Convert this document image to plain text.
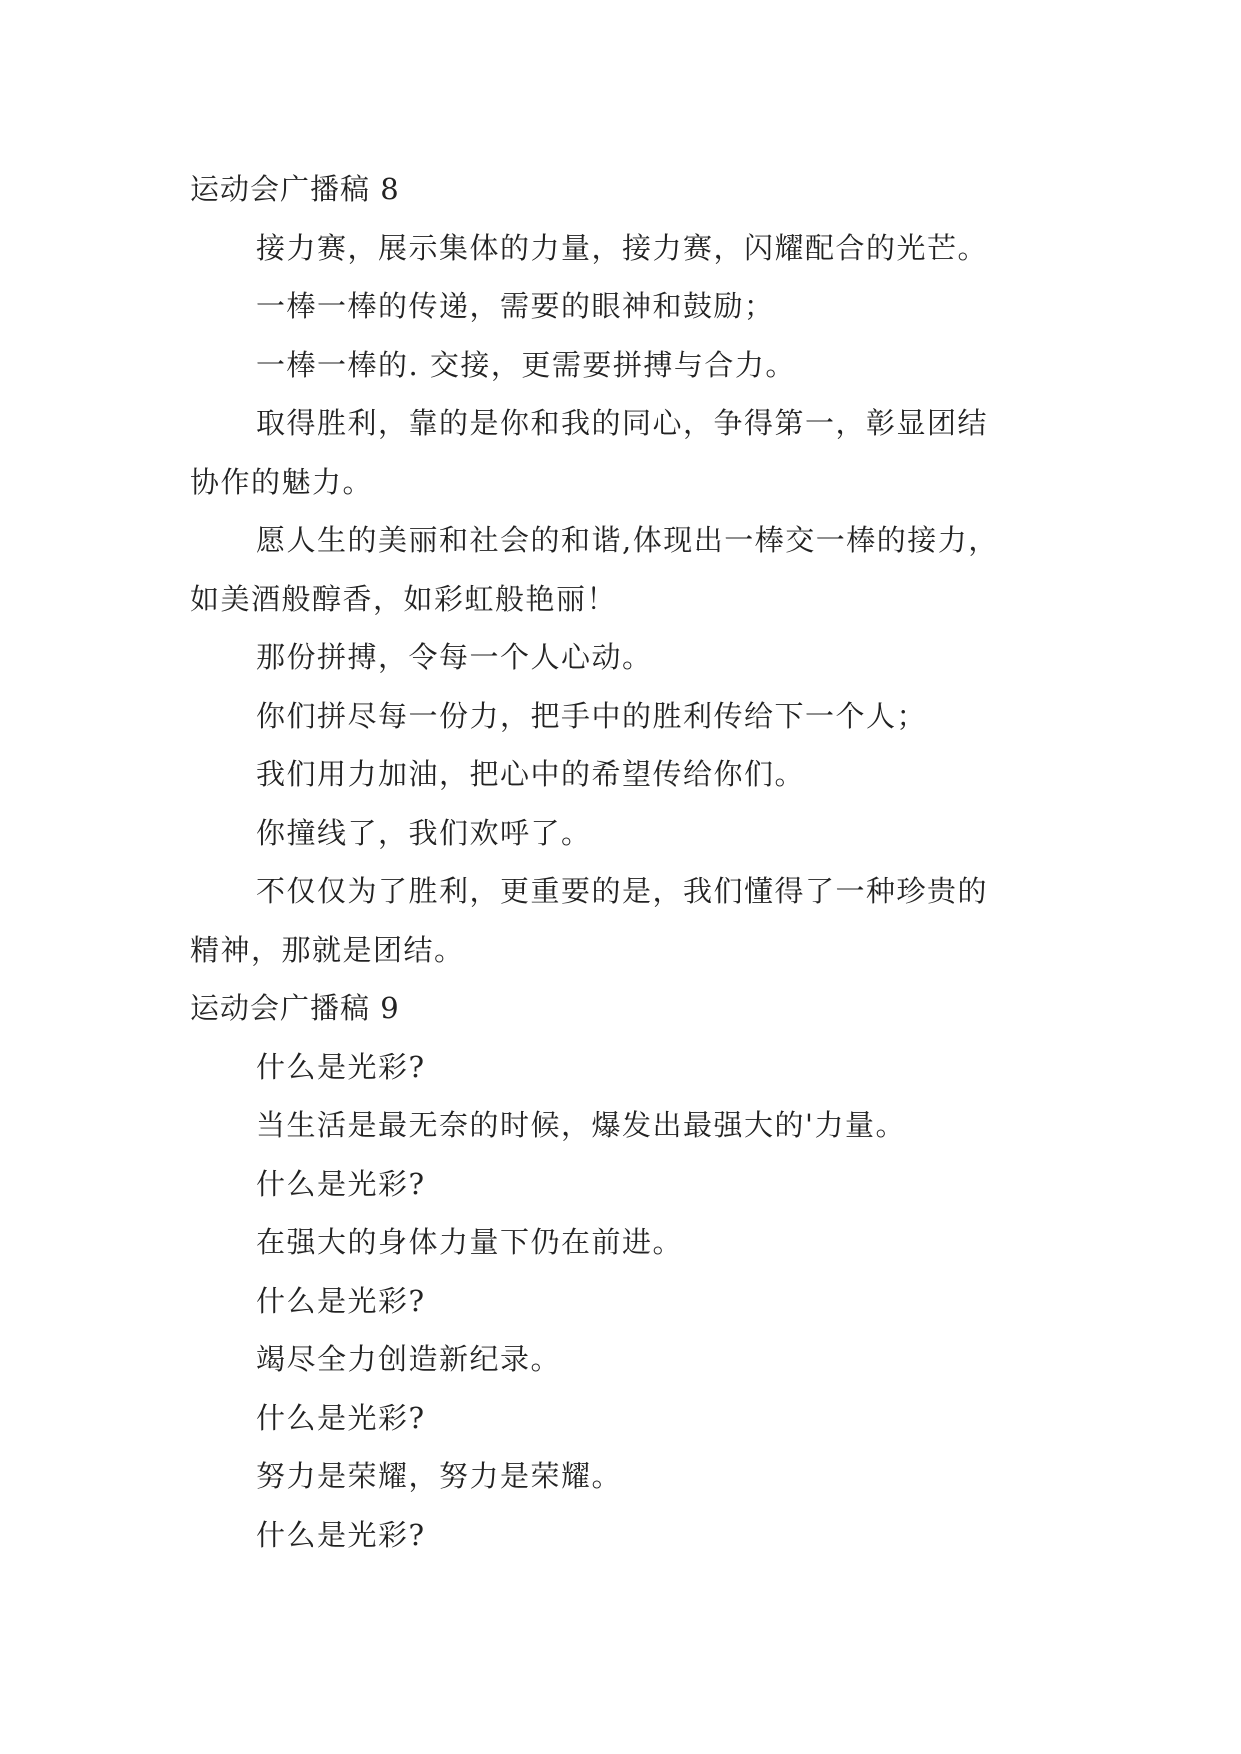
运动会广播稿 8
接力赛，展示集体的力量，接力赛，闪耀配合的光芒。
一棒一棒的传递，需要的眼神和鼓励；
一棒一棒的. 交接，更需要拼搏与合力。
取得胜利，靠的是你和我的同心，争得第一，彰显团结
协作的魅力。
愿人生的美丽和社会的和谐,体现出一棒交一棒的接力，
如美酒般醇香，如彩虹般艳丽！
那份拼搏，令每一个人心动。
你们拼尽每一份力，把手中的胜利传给下一个人；
我们用力加油，把心中的希望传给你们。
你撞线了，我们欢呼了。
不仅仅为了胜利，更重要的是，我们懂得了一种珍贵的
精神，那就是团结。
运动会广播稿 9
什么是光彩?
当生活是最无奈的时候，爆发出最强大的'力量。
什么是光彩?
在强大的身体力量下仍在前进。
什么是光彩?
竭尽全力创造新纪录。
什么是光彩?
努力是荣耀，努力是荣耀。
什么是光彩?
